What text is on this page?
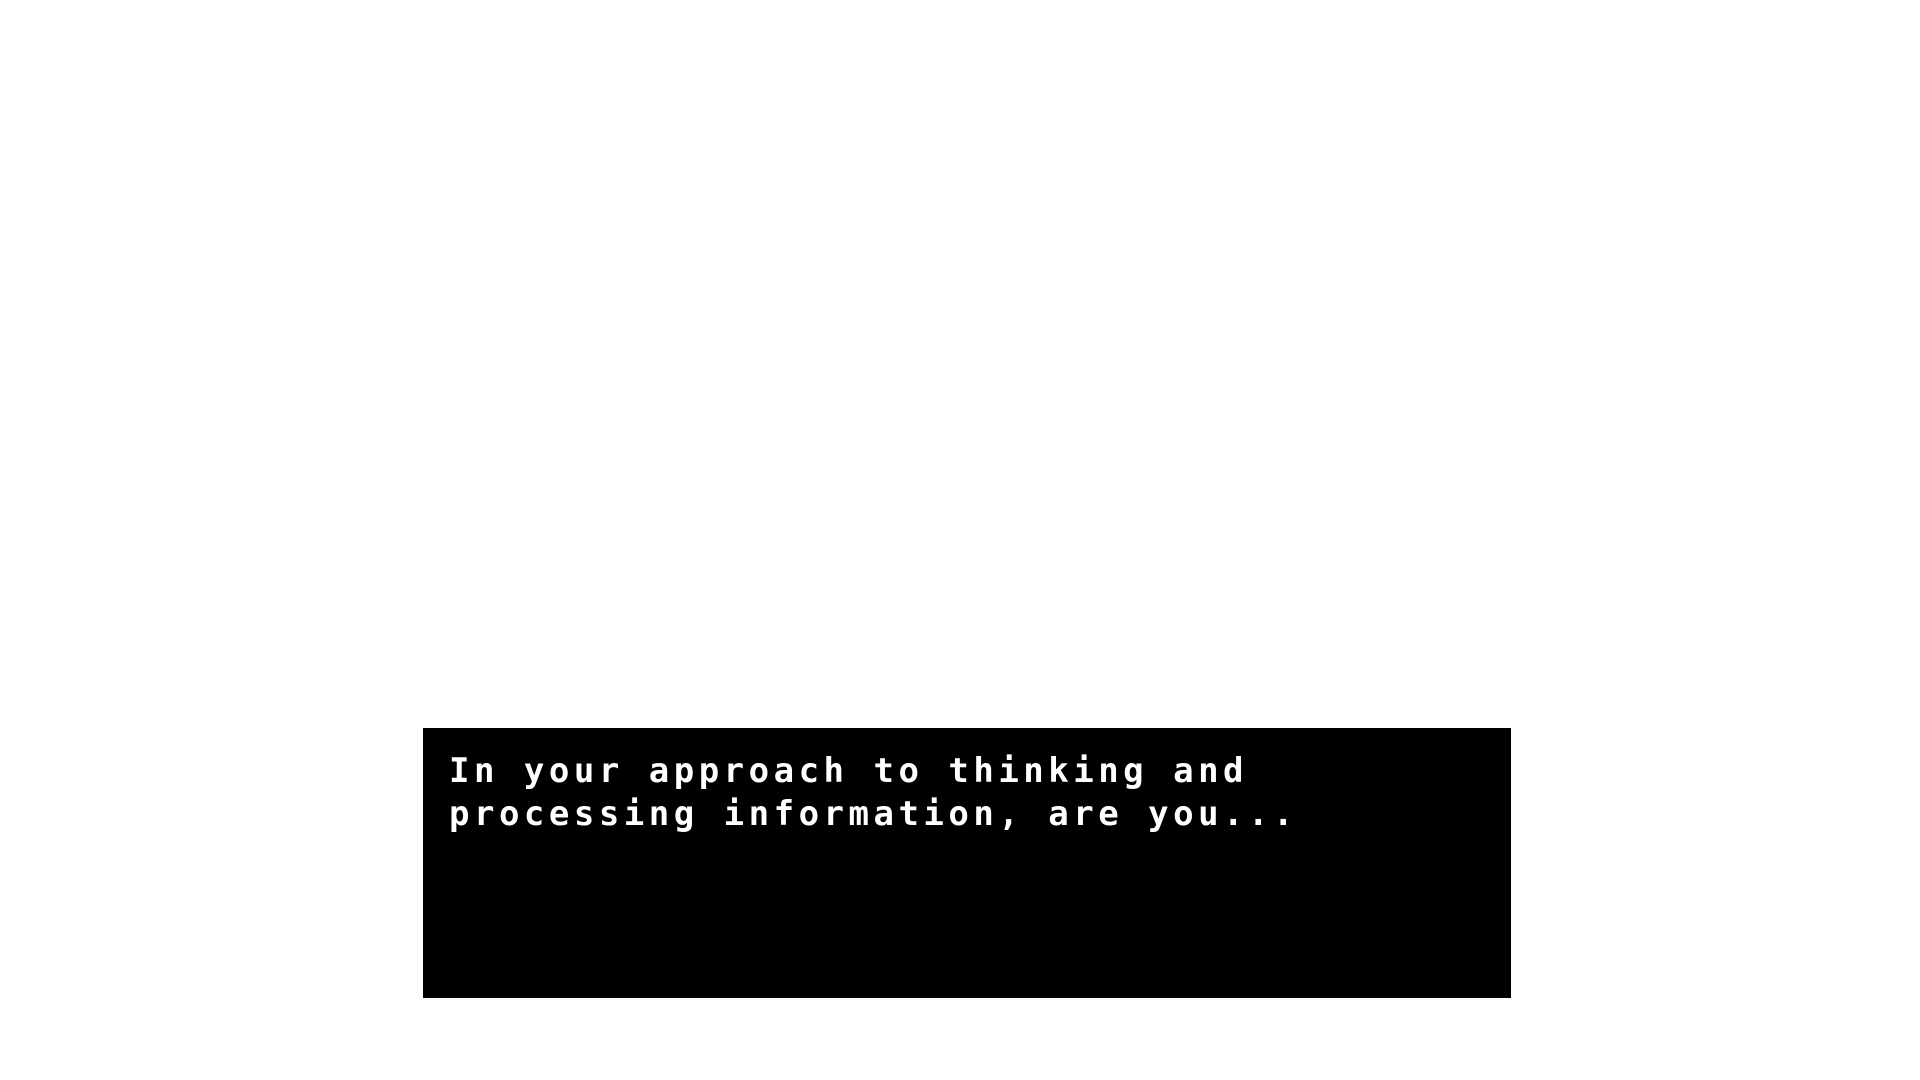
In your approach to thinking and processing information, are you...
